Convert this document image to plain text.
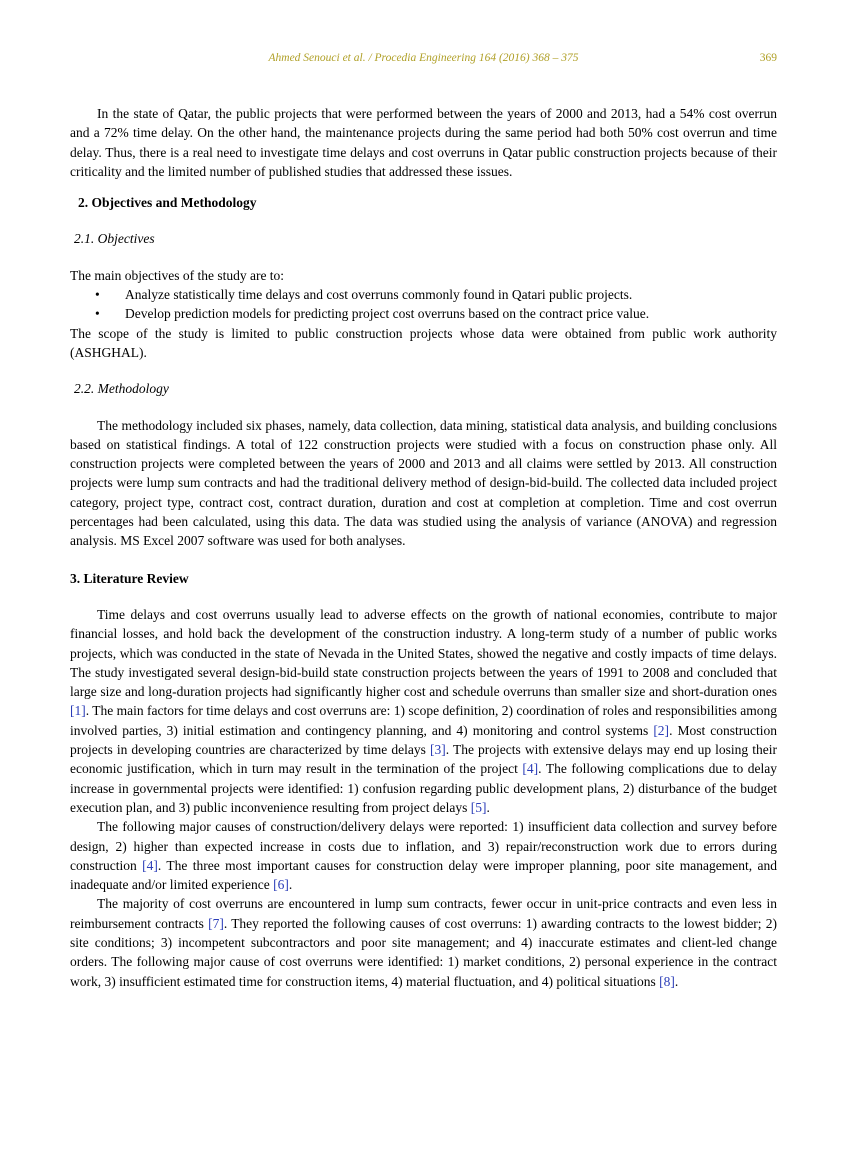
Ahmed Senouci et al. / Procedia Engineering 164 (2016) 368 – 375	369

In the state of Qatar, the public projects that were performed between the years of 2000 and 2013, had a 54% cost overrun and a 72% time delay. On the other hand, the maintenance projects during the same period had both 50% cost overrun and time delay. Thus, there is a real need to investigate time delays and cost overruns in Qatar public construction projects because of their criticality and the limited number of published studies that addressed these issues.

2. Objectives and Methodology
2.1. Objectives

The main objectives of the study are to:

• Analyze statistically time delays and cost overruns commonly found in Qatari public projects.
• Develop prediction models for predicting project cost overruns based on the contract price value.

The scope of the study is limited to public construction projects whose data were obtained from public work authority (ASHGHAL).

2.2. Methodology

The methodology included six phases, namely, data collection, data mining, statistical data analysis, and building conclusions based on statistical findings. A total of 122 construction projects were studied with a focus on construction phase only. All construction projects were completed between the years of 2000 and 2013 and all claims were settled by 2013. All construction projects were lump sum contracts and had the traditional delivery method of design-bid-build. The collected data included project category, project type, contract cost, contract duration, duration and cost at completion at completion. Time and cost overrun percentages had been calculated, using this data. The data was studied using the analysis of variance (ANOVA) and regression analysis. MS Excel 2007 software was used for both analyses.

3. Literature Review

Time delays and cost overruns usually lead to adverse effects on the growth of national economies, contribute to major financial losses, and hold back the development of the construction industry. A long-term study of a number of public works projects, which was conducted in the state of Nevada in the United States, showed the negative and costly impacts of time delays. The study investigated several design-bid-build state construction projects between the years of 1991 to 2008 and concluded that large size and long-duration projects had significantly higher cost and schedule overruns than smaller size and short-duration ones [1]. The main factors for time delays and cost overruns are: 1) scope definition, 2) coordination of roles and responsibilities among involved parties, 3) initial estimation and contingency planning, and 4) monitoring and control systems [2]. Most construction projects in developing countries are characterized by time delays [3]. The projects with extensive delays may end up losing their economic justification, which in turn may result in the termination of the project [4]. The following complications due to delay increase in governmental projects were identified: 1) confusion regarding public development plans, 2) disturbance of the budget execution plan, and 3) public inconvenience resulting from project delays [5].

The following major causes of construction/delivery delays were reported: 1) insufficient data collection and survey before design, 2) higher than expected increase in costs due to inflation, and 3) repair/reconstruction work due to errors during construction [4]. The three most important causes for construction delay were improper planning, poor site management, and inadequate and/or limited experience [6].

The majority of cost overruns are encountered in lump sum contracts, fewer occur in unit-price contracts and even less in reimbursement contracts [7]. They reported the following causes of cost overruns: 1) awarding contracts to the lowest bidder; 2) site conditions; 3) incompetent subcontractors and poor site management; and 4) inaccurate estimates and client-led change orders. The following major cause of cost overruns were identified: 1) market conditions, 2) personal experience in the contract work, 3) insufficient estimated time for construction items, 4) material fluctuation, and 4) political situations [8].
